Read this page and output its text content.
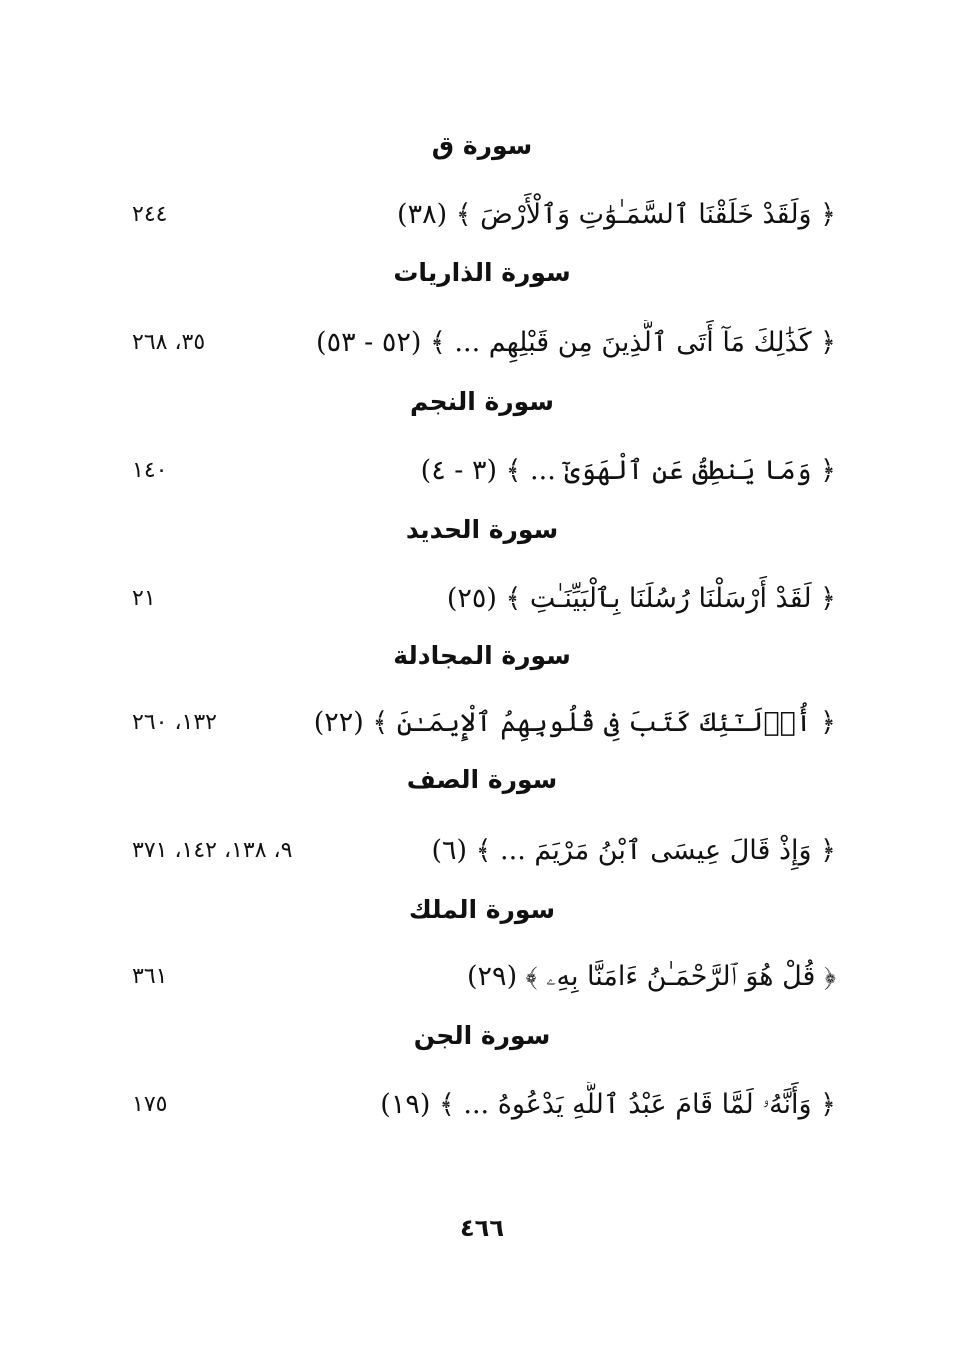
سورة ق
﴿ وَلَقَدْ خَلَقْنَا ٱلسَّمَـٰوَٰتِ وَٱلْأَرْضَ ﴾ (٣٨)
٢٤٤
سورة الذاريات
﴿ كَذَٰلِكَ مَآ أَتَى ٱلَّذِينَ مِن قَبْلِهِم ... ﴾ (٥٢ - ٥٣)
٣٥، ٢٦٨
سورة النجم
﴿ وَمَا يَنطِقُ عَنِ ٱلْهَوَىٰٓ ... ﴾ (٣ - ٤)
١٤٠
سورة الحديد
﴿ لَقَدْ أَرْسَلْنَا رُسُلَنَا بِٱلْبَيِّنَـٰتِ ﴾ (٢٥)
٢١
سورة المجادلة
﴿ أُو۟لَـٰٓئِكَ كَتَبَ فِى قُلُوبِهِمُ ٱلْإِيمَـٰنَ ﴾ (٢٢)
١٣٢، ٢٦٠
سورة الصف
﴿ وَإِذْ قَالَ عِيسَى ٱبْنُ مَرْيَمَ ... ﴾ (٦)
٩، ١٣٨، ١٤٢، ٣٧١
سورة الملك
﴿ قُلْ هُوَ ٱلرَّحْمَـٰنُ ءَامَنَّا بِهِۦ ﴾ (٢٩)
٣٦١
سورة الجن
﴿ وَأَنَّهُۥ لَمَّا قَامَ عَبْدُ ٱللَّهِ يَدْعُوهُ ... ﴾ (١٩)
١٧٥
٤٦٦
